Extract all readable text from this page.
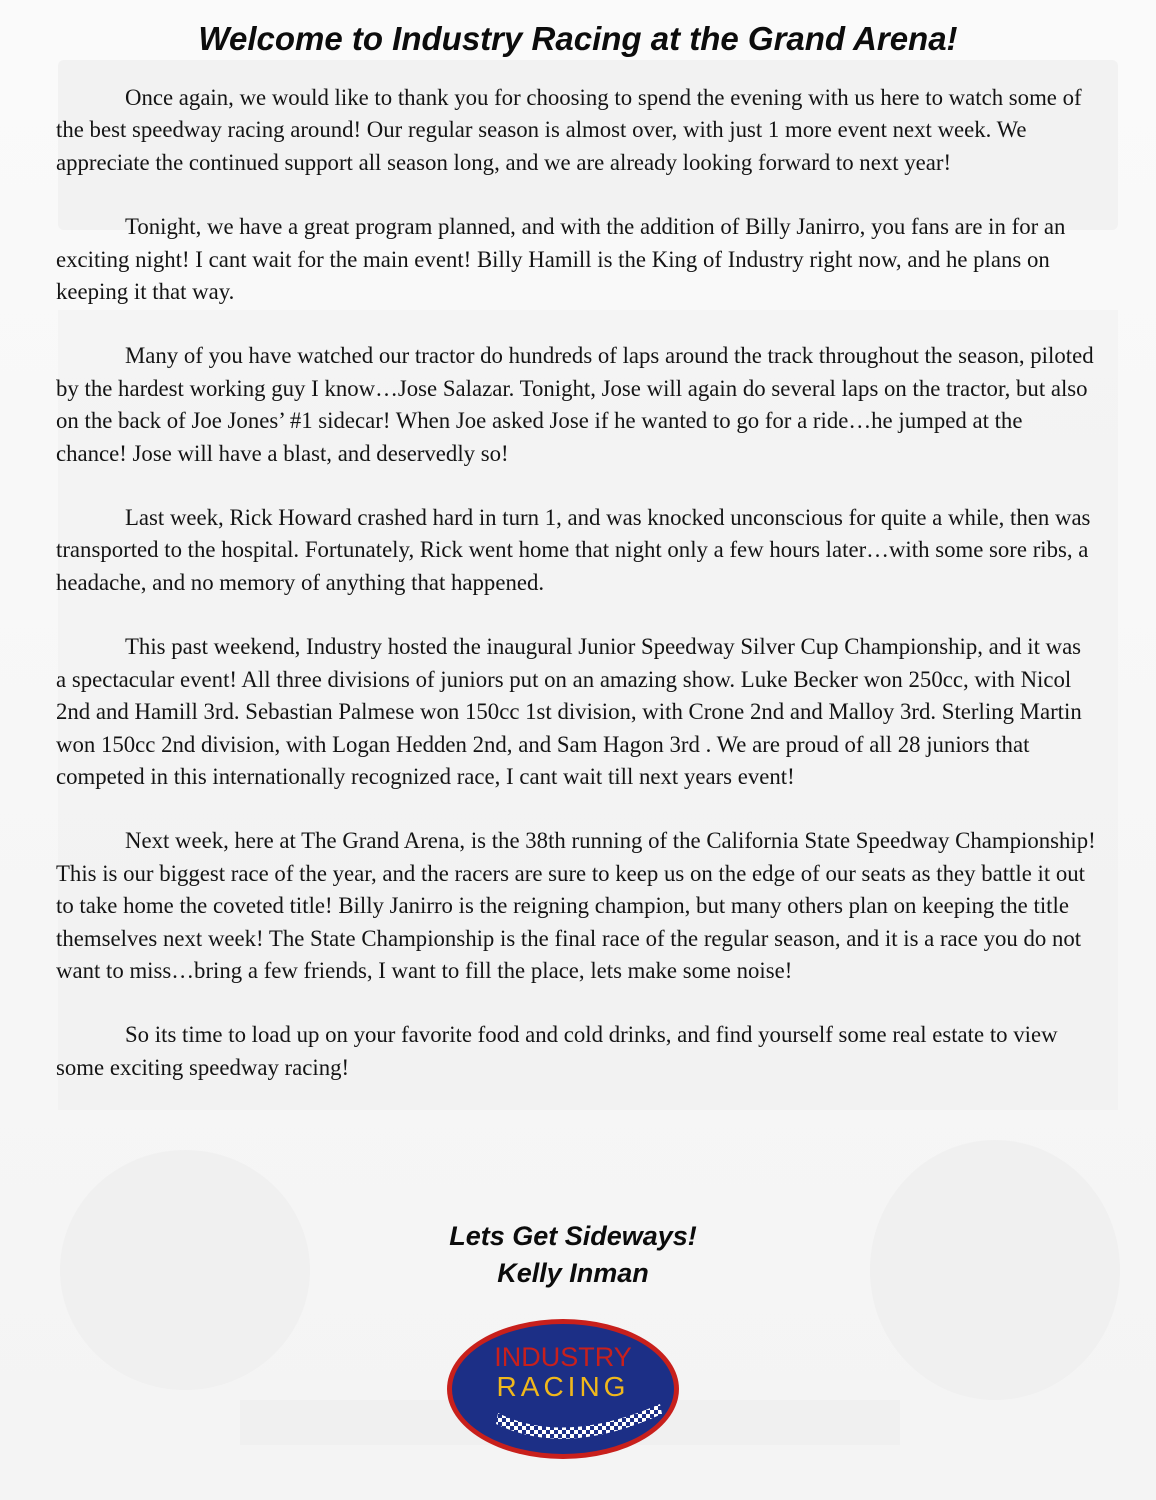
Welcome to Industry Racing at the Grand Arena!

Once again, we would like to thank you for choosing to spend the evening with us here to watch some of the best speedway racing around! Our regular season is almost over, with just 1 more event next week. We appreciate the continued support all season long, and we are already looking forward to next year!

Tonight, we have a great program planned, and with the addition of Billy Janirro, you fans are in for an exciting night! I cant wait for the main event! Billy Hamill is the King of Industry right now, and he plans on keeping it that way.

Many of you have watched our tractor do hundreds of laps around the track throughout the season, piloted by the hardest working guy I know…Jose Salazar. Tonight, Jose will again do several laps on the tractor, but also on the back of Joe Jones’ #1 sidecar! When Joe asked Jose if he wanted to go for a ride…he jumped at the chance! Jose will have a blast, and deservedly so!

Last week, Rick Howard crashed hard in turn 1, and was knocked unconscious for quite a while, then was transported to the hospital. Fortunately, Rick went home that night only a few hours later…with some sore ribs, a headache, and no memory of anything that happened.

This past weekend, Industry hosted the inaugural Junior Speedway Silver Cup Championship, and it was a spectacular event! All three divisions of juniors put on an amazing show. Luke Becker won 250cc, with Nicol 2nd and Hamill 3rd. Sebastian Palmese won 150cc 1st division, with Crone 2nd and Malloy 3rd. Sterling Martin won 150cc 2nd division, with Logan Hedden 2nd, and Sam Hagon 3rd . We are proud of all 28 juniors that competed in this internationally recognized race, I cant wait till next years event!

Next week, here at The Grand Arena, is the 38th running of the California State Speedway Championship! This is our biggest race of the year, and the racers are sure to keep us on the edge of our seats as they battle it out to take home the coveted title! Billy Janirro is the reigning champion, but many others plan on keeping the title themselves next week! The State Championship is the final race of the regular season, and it is a race you do not want to miss…bring a few friends, I want to fill the place, lets make some noise!

So its time to load up on your favorite food and cold drinks, and find yourself some real estate to view some exciting speedway racing!

Lets Get Sideways!
Kelly Inman
INDUSTRY
RACING
